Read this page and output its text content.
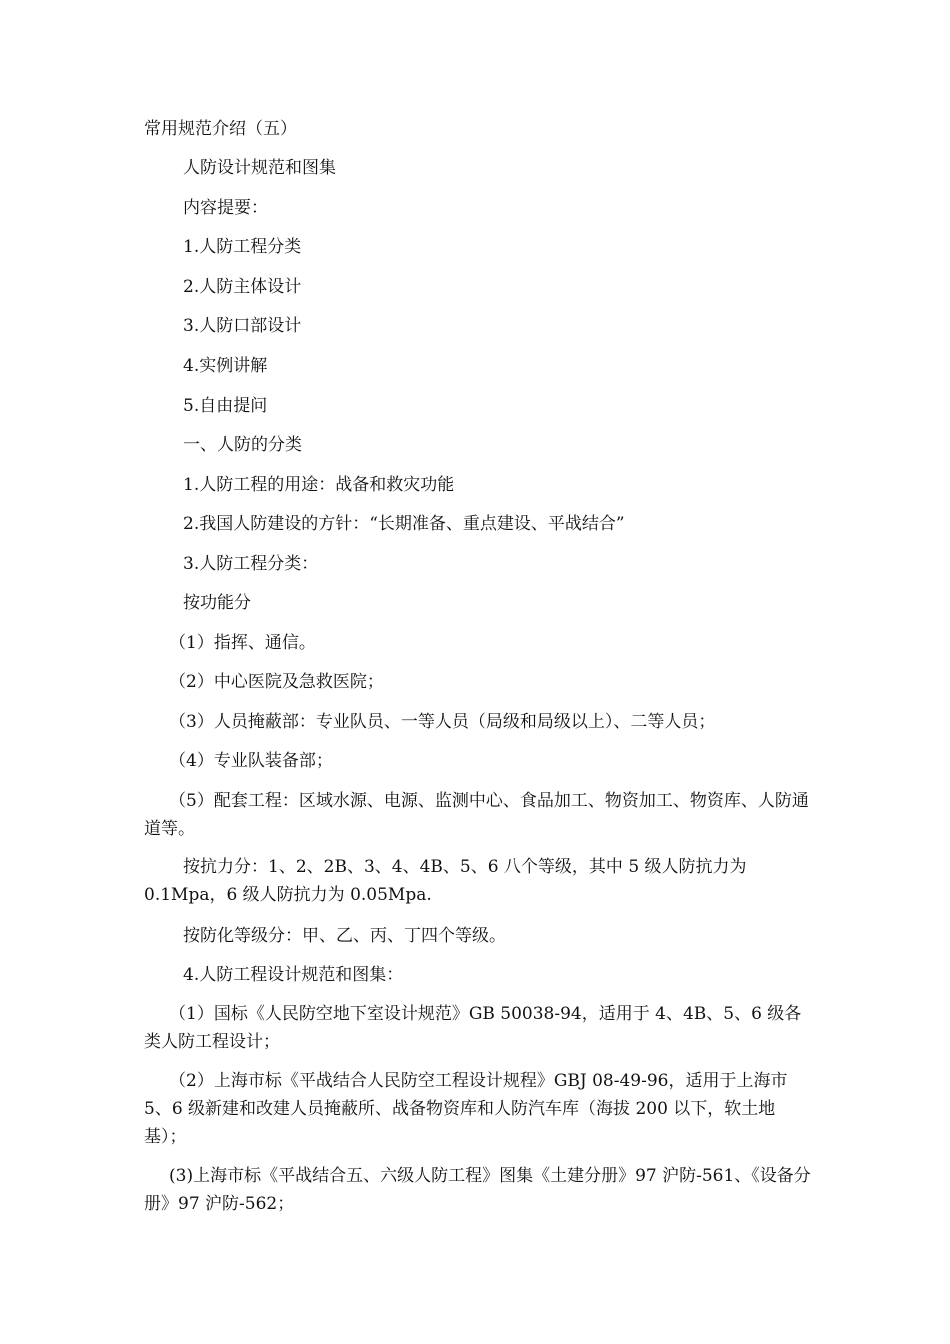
常用规范介绍（五）
人防设计规范和图集
内容提要：
1.人防工程分类
2.人防主体设计
3.人防口部设计
4.实例讲解
5.自由提问
一、人防的分类
1.人防工程的用途：战备和救灾功能
2.我国人防建设的方针：“长期准备、重点建设、平战结合”
3.人防工程分类：
按功能分
（1）指挥、通信。
（2）中心医院及急救医院；
（3）人员掩蔽部：专业队员、一等人员（局级和局级以上）、二等人员；
（4）专业队装备部；
（5）配套工程：区域水源、电源、监测中心、食品加工、物资加工、物资库、人防通道等。
按抗力分：1、2、2B、3、4、4B、5、6 八个等级，其中 5 级人防抗力为 0.1Mpa，6 级人防抗力为 0.05Mpa.
按防化等级分：甲、乙、丙、丁四个等级。
4.人防工程设计规范和图集：
（1）国标《人民防空地下室设计规范》GB 50038-94，适用于 4、4B、5、6 级各类人防工程设计；
（2）上海市标《平战结合人民防空工程设计规程》GBJ 08-49-96，适用于上海市 5、6 级新建和改建人员掩蔽所、战备物资库和人防汽车库（海拔 200 以下，软土地基）；
(3)上海市标《平战结合五、六级人防工程》图集《土建分册》97 沪防-561、《设备分册》97 沪防-562；
